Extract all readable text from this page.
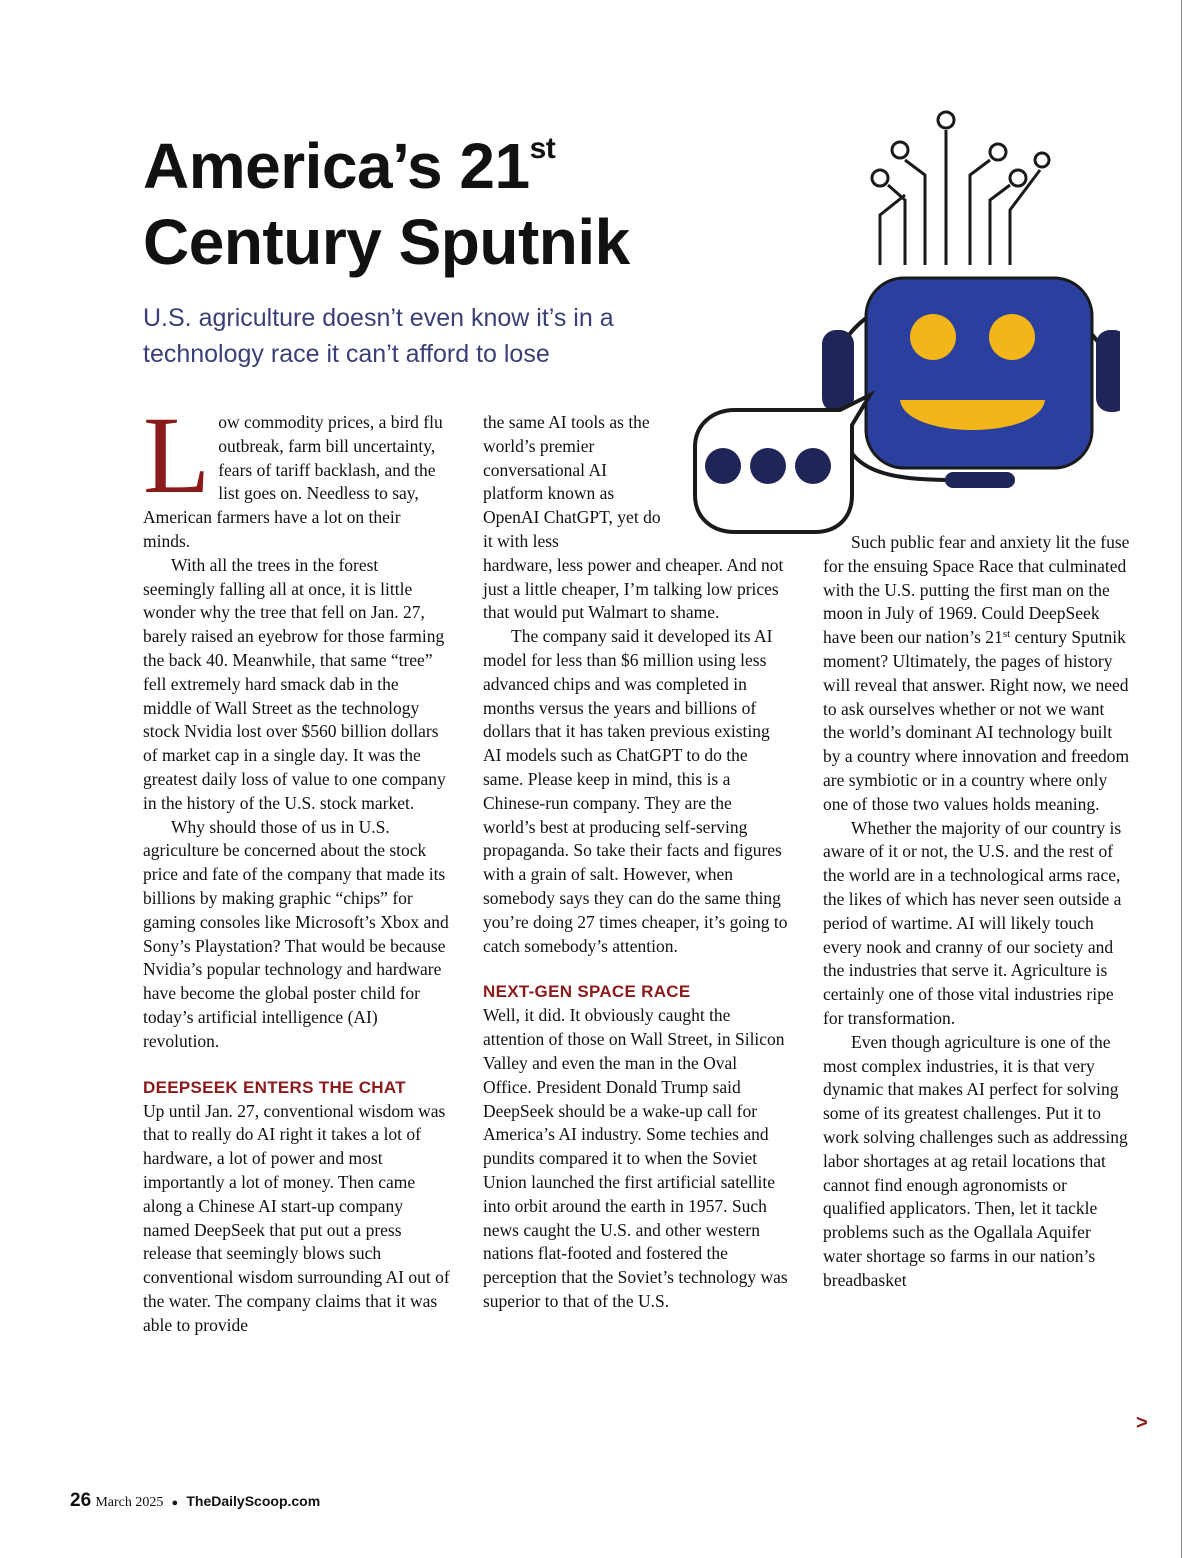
America’s 21st
Century Sputnik

U.S. agriculture doesn’t even know it’s in a technology race it can’t afford to lose

Low commodity prices, a bird flu outbreak, farm bill uncertainty, fears of tariff backlash, and the list goes on. Needless to say, American farmers have a lot on their minds.

With all the trees in the forest seemingly falling all at once, it is little wonder why the tree that fell on Jan. 27, barely raised an eyebrow for those farming the back 40. Meanwhile, that same “tree” fell extremely hard smack dab in the middle of Wall Street as the technology stock Nvidia lost over $560 billion dollars of market cap in a single day. It was the greatest daily loss of value to one company in the history of the U.S. stock market.

Why should those of us in U.S. agriculture be concerned about the stock price and fate of the company that made its billions by making graphic “chips” for gaming consoles like Microsoft’s Xbox and Sony’s Playstation? That would be because Nvidia’s popular technology and hardware have become the global poster child for today’s artificial intelligence (AI) revolution.

DEEPSEEK ENTERS THE CHAT

Up until Jan. 27, conventional wisdom was that to really do AI right it takes a lot of hardware, a lot of power and most importantly a lot of money. Then came along a Chinese AI start-up company named DeepSeek that put out a press release that seemingly blows such conventional wisdom surrounding AI out of the water. The company claims that it was able to provide

the same AI tools as the world’s premier conversational AI platform known as OpenAI ChatGPT, yet do it with less

hardware, less power and cheaper. And not just a little cheaper, I’m talking low prices that would put Walmart to shame.

The company said it developed its AI model for less than $6 million using less advanced chips and was completed in months versus the years and billions of dollars that it has taken previous existing AI models such as ChatGPT to do the same. Please keep in mind, this is a Chinese-run company. They are the world’s best at producing self-serving propaganda. So take their facts and figures with a grain of salt. However, when somebody says they can do the same thing you’re doing 27 times cheaper, it’s going to catch somebody’s attention.

NEXT-GEN SPACE RACE

Well, it did. It obviously caught the attention of those on Wall Street, in Silicon Valley and even the man in the Oval Office. President Donald Trump said DeepSeek should be a wake-up call for America’s AI industry. Some techies and pundits compared it to when the Soviet Union launched the first artificial satellite into orbit around the earth in 1957. Such news caught the U.S. and other western nations flat-footed and fostered the perception that the Soviet’s technology was superior to that of the U.S.

Such public fear and anxiety lit the fuse for the ensuing Space Race that culminated with the U.S. putting the first man on the moon in July of 1969. Could DeepSeek have been our nation’s 21st century Sputnik moment? Ultimately, the pages of history will reveal that answer. Right now, we need to ask ourselves whether or not we want the world’s dominant AI technology built by a country where innovation and freedom are symbiotic or in a country where only one of those two values holds meaning.

Whether the majority of our country is aware of it or not, the U.S. and the rest of the world are in a technological arms race, the likes of which has never seen outside a period of wartime. AI will likely touch every nook and cranny of our society and the industries that serve it. Agriculture is certainly one of those vital industries ripe for transformation.

Even though agriculture is one of the most complex industries, it is that very dynamic that makes AI perfect for solving some of its greatest challenges. Put it to work solving challenges such as addressing labor shortages at ag retail locations that cannot find enough agronomists or qualified applicators. Then, let it tackle problems such as the Ogallala Aquifer water shortage so farms in our nation’s breadbasket

>
26 March 2025 ● TheDailyScoop.com
